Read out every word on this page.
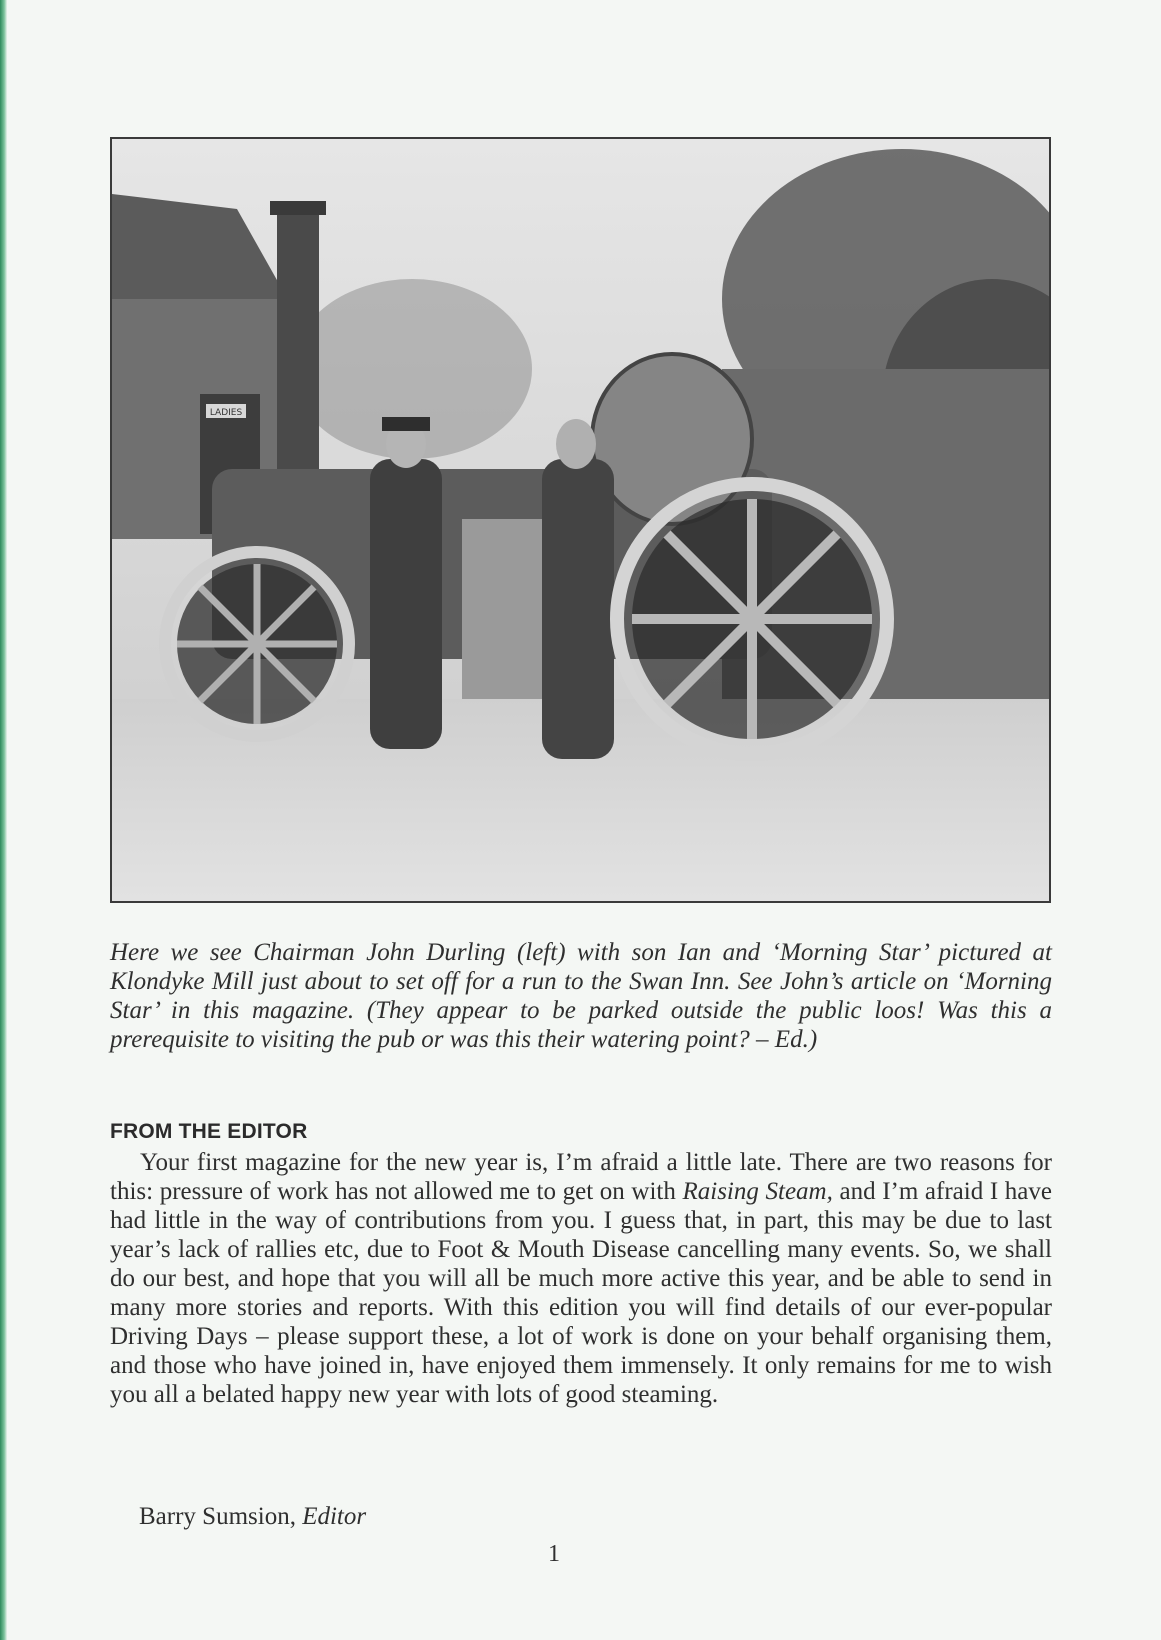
LADIES

Here we see Chairman John Durling (left) with son Ian and ‘Morning Star’ pictured at Klondyke Mill just about to set off for a run to the Swan Inn. See John’s article on ‘Morning Star’ in this magazine. (They appear to be parked outside the public loos! Was this a prerequisite to visiting the pub or was this their watering point? – Ed.)

FROM THE EDITOR

Your first magazine for the new year is, I’m afraid a little late. There are two reasons for this: pressure of work has not allowed me to get on with Raising Steam, and I’m afraid I have had little in the way of contributions from you. I guess that, in part, this may be due to last year’s lack of rallies etc, due to Foot & Mouth Disease cancelling many events. So, we shall do our best, and hope that you will all be much more active this year, and be able to send in many more stories and reports. With this edition you will find details of our ever-popular Driving Days – please support these, a lot of work is done on your behalf organising them, and those who have joined in, have enjoyed them immensely. It only remains for me to wish you all a belated happy new year with lots of good steaming.

Barry Sumsion, Editor

1
